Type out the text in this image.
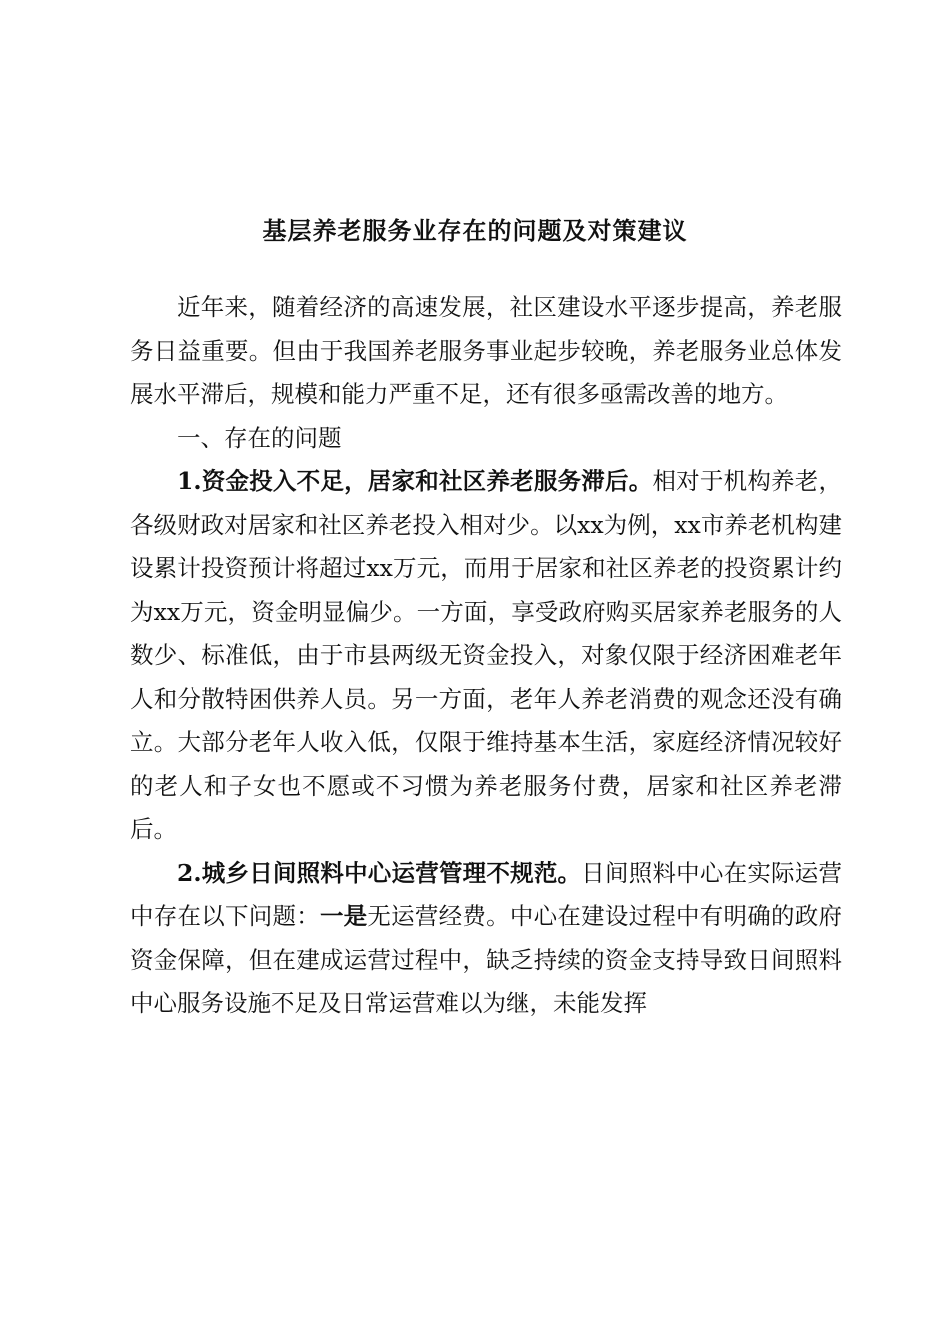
基层养老服务业存在的问题及对策建议

近年来，随着经济的高速发展，社区建设水平逐步提高，养老服务日益重要。但由于我国养老服务事业起步较晚，养老服务业总体发展水平滞后，规模和能力严重不足，还有很多亟需改善的地方。

一、存在的问题

1.资金投入不足，居家和社区养老服务滞后。相对于机构养老，各级财政对居家和社区养老投入相对少。以xx为例，xx市养老机构建设累计投资预计将超过xx万元，而用于居家和社区养老的投资累计约为xx万元，资金明显偏少。一方面，享受政府购买居家养老服务的人数少、标准低，由于市县两级无资金投入，对象仅限于经济困难老年人和分散特困供养人员。另一方面，老年人养老消费的观念还没有确立。大部分老年人收入低，仅限于维持基本生活，家庭经济情况较好的老人和子女也不愿或不习惯为养老服务付费，居家和社区养老滞后。

2.城乡日间照料中心运营管理不规范。日间照料中心在实际运营中存在以下问题：一是无运营经费。中心在建设过程中有明确的政府资金保障，但在建成运营过程中，缺乏持续的资金支持导致日间照料中心服务设施不足及日常运营难以为继，未能发挥
